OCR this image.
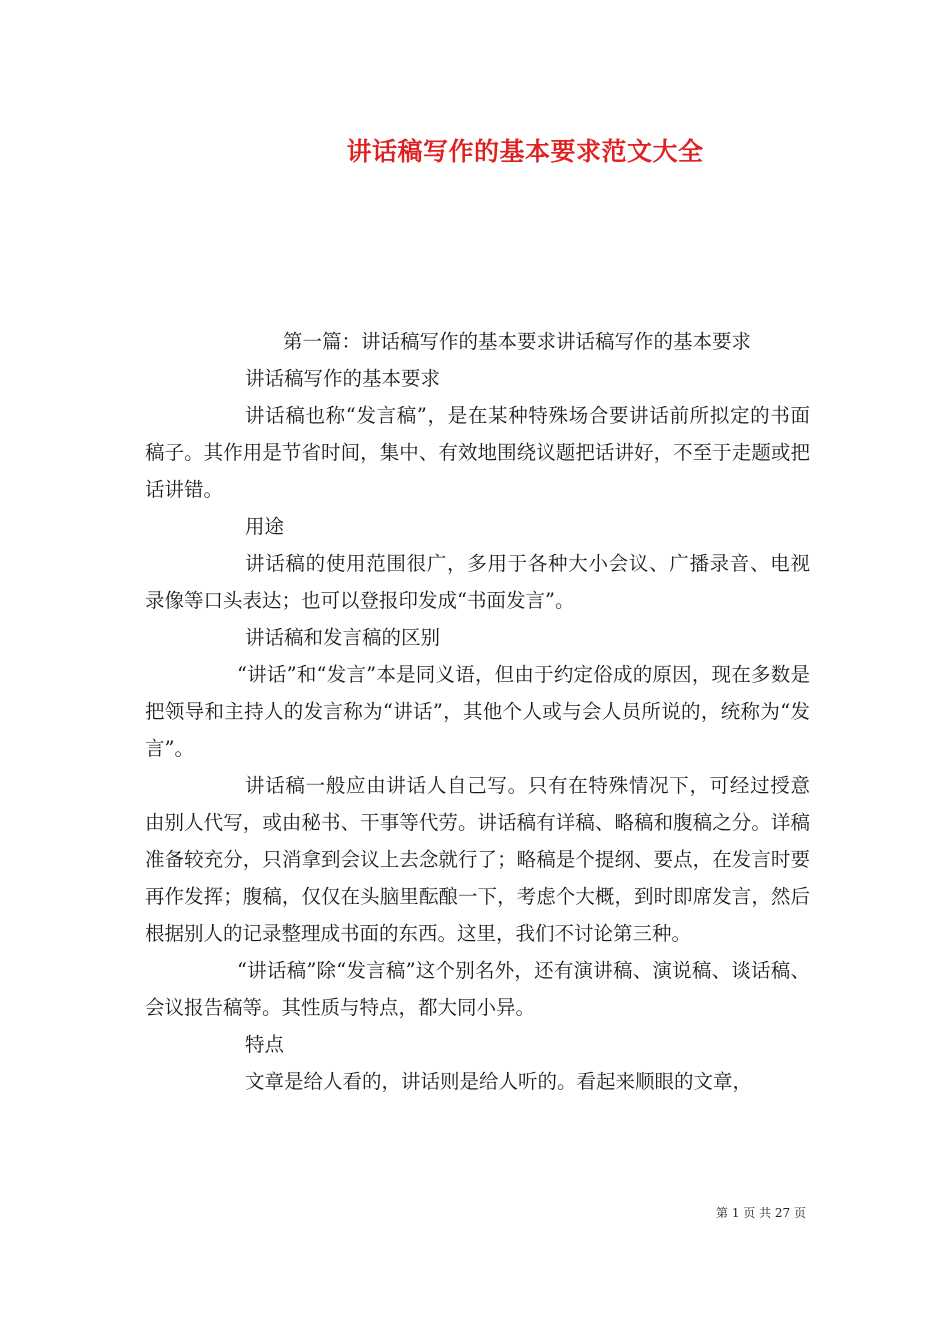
讲话稿写作的基本要求范文大全

第一篇：讲话稿写作的基本要求讲话稿写作的基本要求

讲话稿写作的基本要求

讲话稿也称“发言稿”，是在某种特殊场合要讲话前所拟定的书面稿子。其作用是节省时间，集中、有效地围绕议题把话讲好，不至于走题或把话讲错。

用途

讲话稿的使用范围很广，多用于各种大小会议、广播录音、电视录像等口头表达；也可以登报印发成“书面发言”。

讲话稿和发言稿的区别

“讲话”和“发言”本是同义语，但由于约定俗成的原因，现在多数是把领导和主持人的发言称为“讲话”，其他个人或与会人员所说的，统称为“发言”。

讲话稿一般应由讲话人自己写。只有在特殊情况下，可经过授意由别人代写，或由秘书、干事等代劳。讲话稿有详稿、略稿和腹稿之分。详稿准备较充分，只消拿到会议上去念就行了；略稿是个提纲、要点，在发言时要再作发挥；腹稿，仅仅在头脑里酝酿一下，考虑个大概，到时即席发言，然后根据别人的记录整理成书面的东西。这里，我们不讨论第三种。

“讲话稿”除“发言稿”这个别名外，还有演讲稿、演说稿、谈话稿、会议报告稿等。其性质与特点，都大同小异。

特点

文章是给人看的，讲话则是给人听的。看起来顺眼的文章，

第 1 页 共 27 页
